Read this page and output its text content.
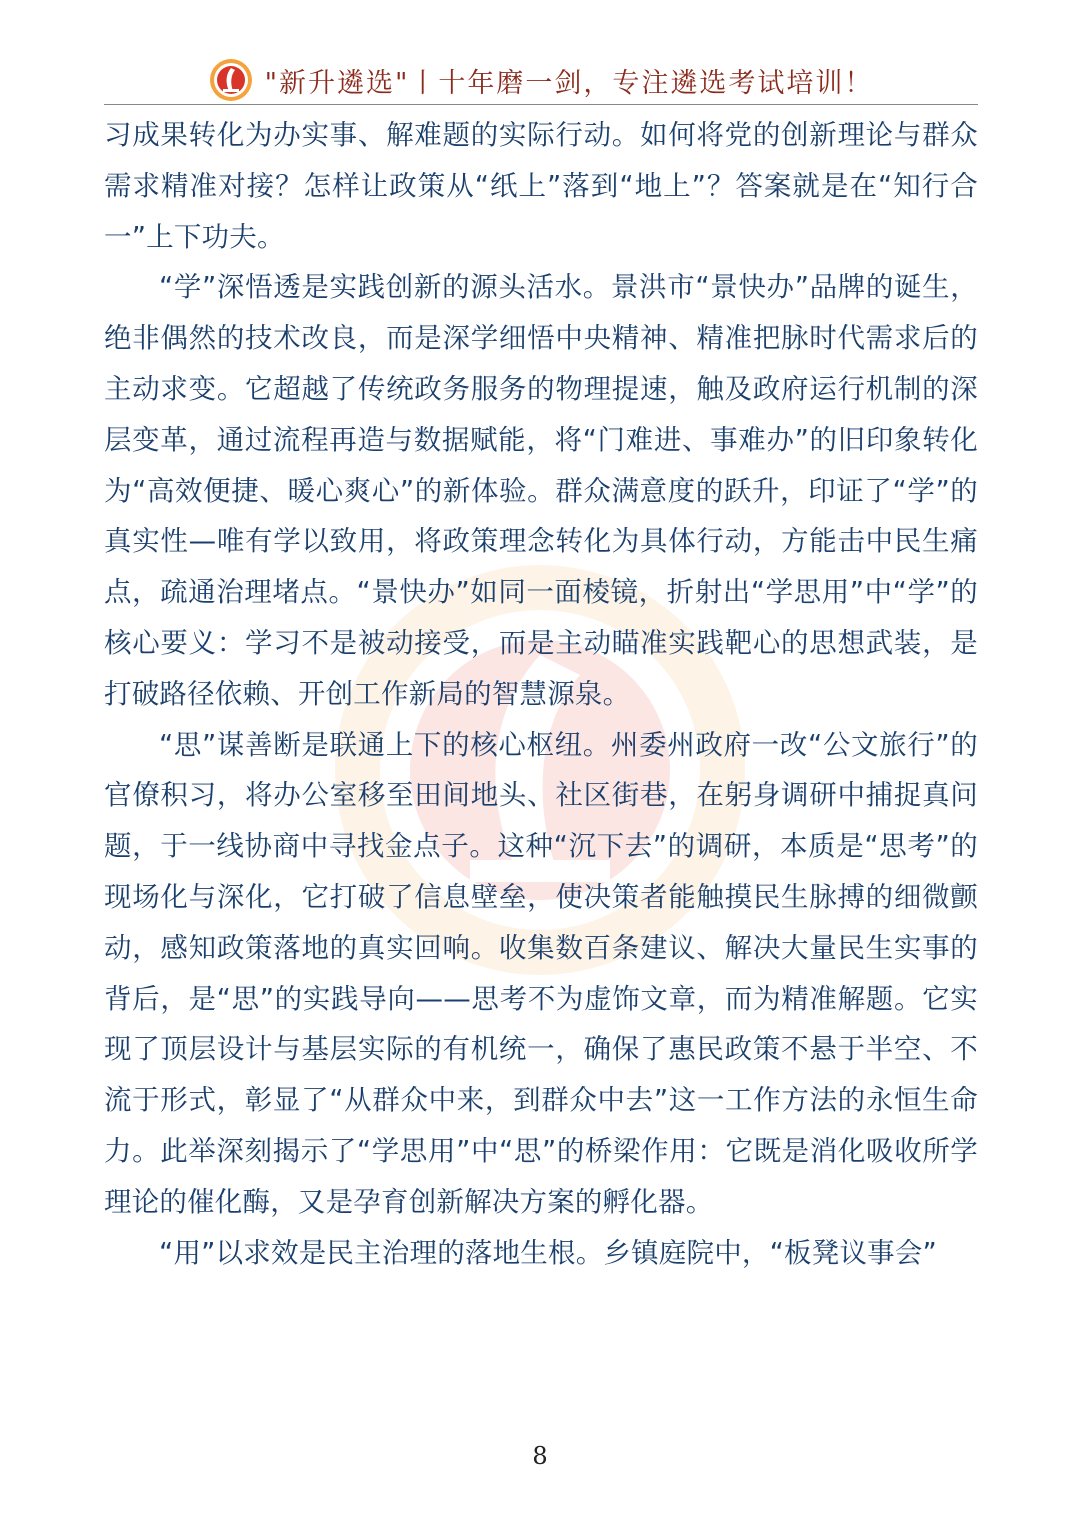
"新升遴选"丨十年磨一剑，专注遴选考试培训！

习成果转化为办实事、解难题的实际行动。如何将党的创新理论与群众需求精准对接？怎样让政策从“纸上”落到“地上”？答案就是在“知行合一”上下功夫。

“学”深悟透是实践创新的源头活水。景洪市“景快办”品牌的诞生，绝非偶然的技术改良，而是深学细悟中央精神、精准把脉时代需求后的主动求变。它超越了传统政务服务的物理提速，触及政府运行机制的深层变革，通过流程再造与数据赋能，将“门难进、事难办”的旧印象转化为“高效便捷、暖心爽心”的新体验。群众满意度的跃升，印证了“学”的真实性—唯有学以致用，将政策理念转化为具体行动，方能击中民生痛点，疏通治理堵点。“景快办”如同一面棱镜，折射出“学思用”中“学”的核心要义：学习不是被动接受，而是主动瞄准实践靶心的思想武装，是打破路径依赖、开创工作新局的智慧源泉。

“思”谋善断是联通上下的核心枢纽。州委州政府一改“公文旅行”的官僚积习，将办公室移至田间地头、社区街巷，在躬身调研中捕捉真问题，于一线协商中寻找金点子。这种“沉下去”的调研，本质是“思考”的现场化与深化，它打破了信息壁垒，使决策者能触摸民生脉搏的细微颤动，感知政策落地的真实回响。收集数百条建议、解决大量民生实事的背后，是“思”的实践导向——思考不为虚饰文章，而为精准解题。它实现了顶层设计与基层实际的有机统一，确保了惠民政策不悬于半空、不流于形式，彰显了“从群众中来，到群众中去”这一工作方法的永恒生命力。此举深刻揭示了“学思用”中“思”的桥梁作用：它既是消化吸收所学理论的催化酶，又是孕育创新解决方案的孵化器。

“用”以求效是民主治理的落地生根。乡镇庭院中，“板凳议事会”

8
